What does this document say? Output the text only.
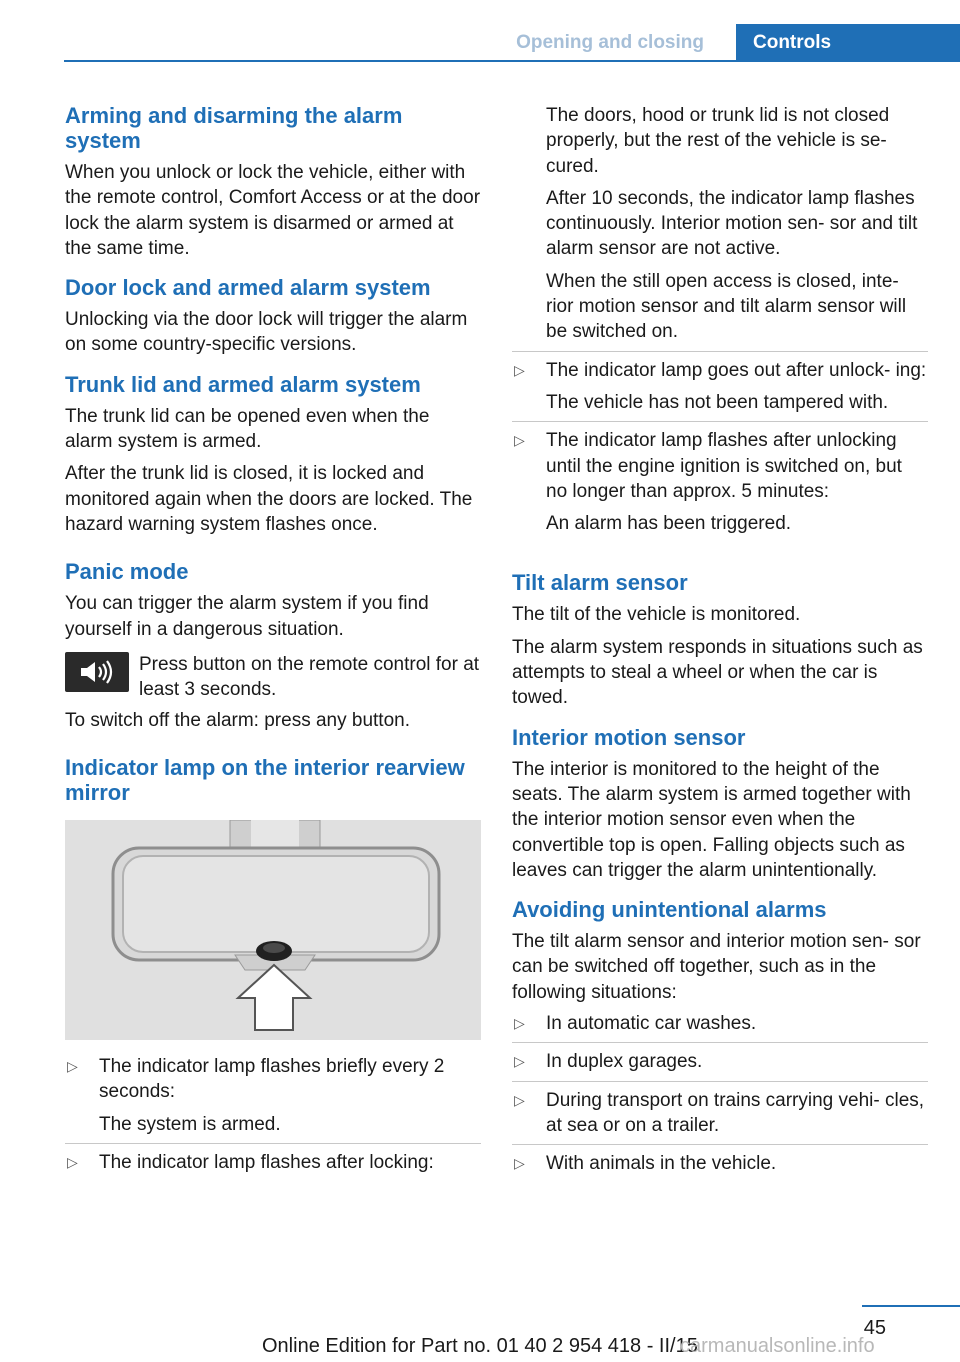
Opening and closing	Controls
Arming and disarming the alarm system

When you unlock or lock the vehicle, either with the remote control, Comfort Access or at the door lock the alarm system is disarmed or armed at the same time.

Door lock and armed alarm system

Unlocking via the door lock will trigger the alarm on some country-specific versions.

Trunk lid and armed alarm system

The trunk lid can be opened even when the alarm system is armed.

After the trunk lid is closed, it is locked and monitored again when the doors are locked. The hazard warning system flashes once.

Panic mode

You can trigger the alarm system if you find yourself in a dangerous situation.

Press button on the remote control for at least 3 seconds.

To switch off the alarm: press any button.

Indicator lamp on the interior rearview mirror
▷ The indicator lamp flashes briefly every 2 seconds:
The system is armed.
▷ The indicator lamp flashes after locking:

The doors, hood or trunk lid is not closed properly, but the rest of the vehicle is se‐ cured.

After 10 seconds, the indicator lamp flashes continuously. Interior motion sen‐ sor and tilt alarm sensor are not active.

When the still open access is closed, inte‐ rior motion sensor and tilt alarm sensor will be switched on.

▷ The indicator lamp goes out after unlock‐ ing:
The vehicle has not been tampered with.
▷ The indicator lamp flashes after unlocking until the engine ignition is switched on, but no longer than approx. 5 minutes:
An alarm has been triggered.
Tilt alarm sensor

The tilt of the vehicle is monitored.

The alarm system responds in situations such as attempts to steal a wheel or when the car is towed.

Interior motion sensor

The interior is monitored to the height of the seats. The alarm system is armed together with the interior motion sensor even when the convertible top is open. Falling objects such as leaves can trigger the alarm unintentionally.

Avoiding unintentional alarms

The tilt alarm sensor and interior motion sen‐ sor can be switched off together, such as in the following situations:

▷ In automatic car washes.
▷ In duplex garages.
▷ During transport on trains carrying vehi‐ cles, at sea or on a trailer.
▷ With animals in the vehicle.
45
Online Edition for Part no. 01 40 2 954 418 - II/15
carmanualsonline.info
